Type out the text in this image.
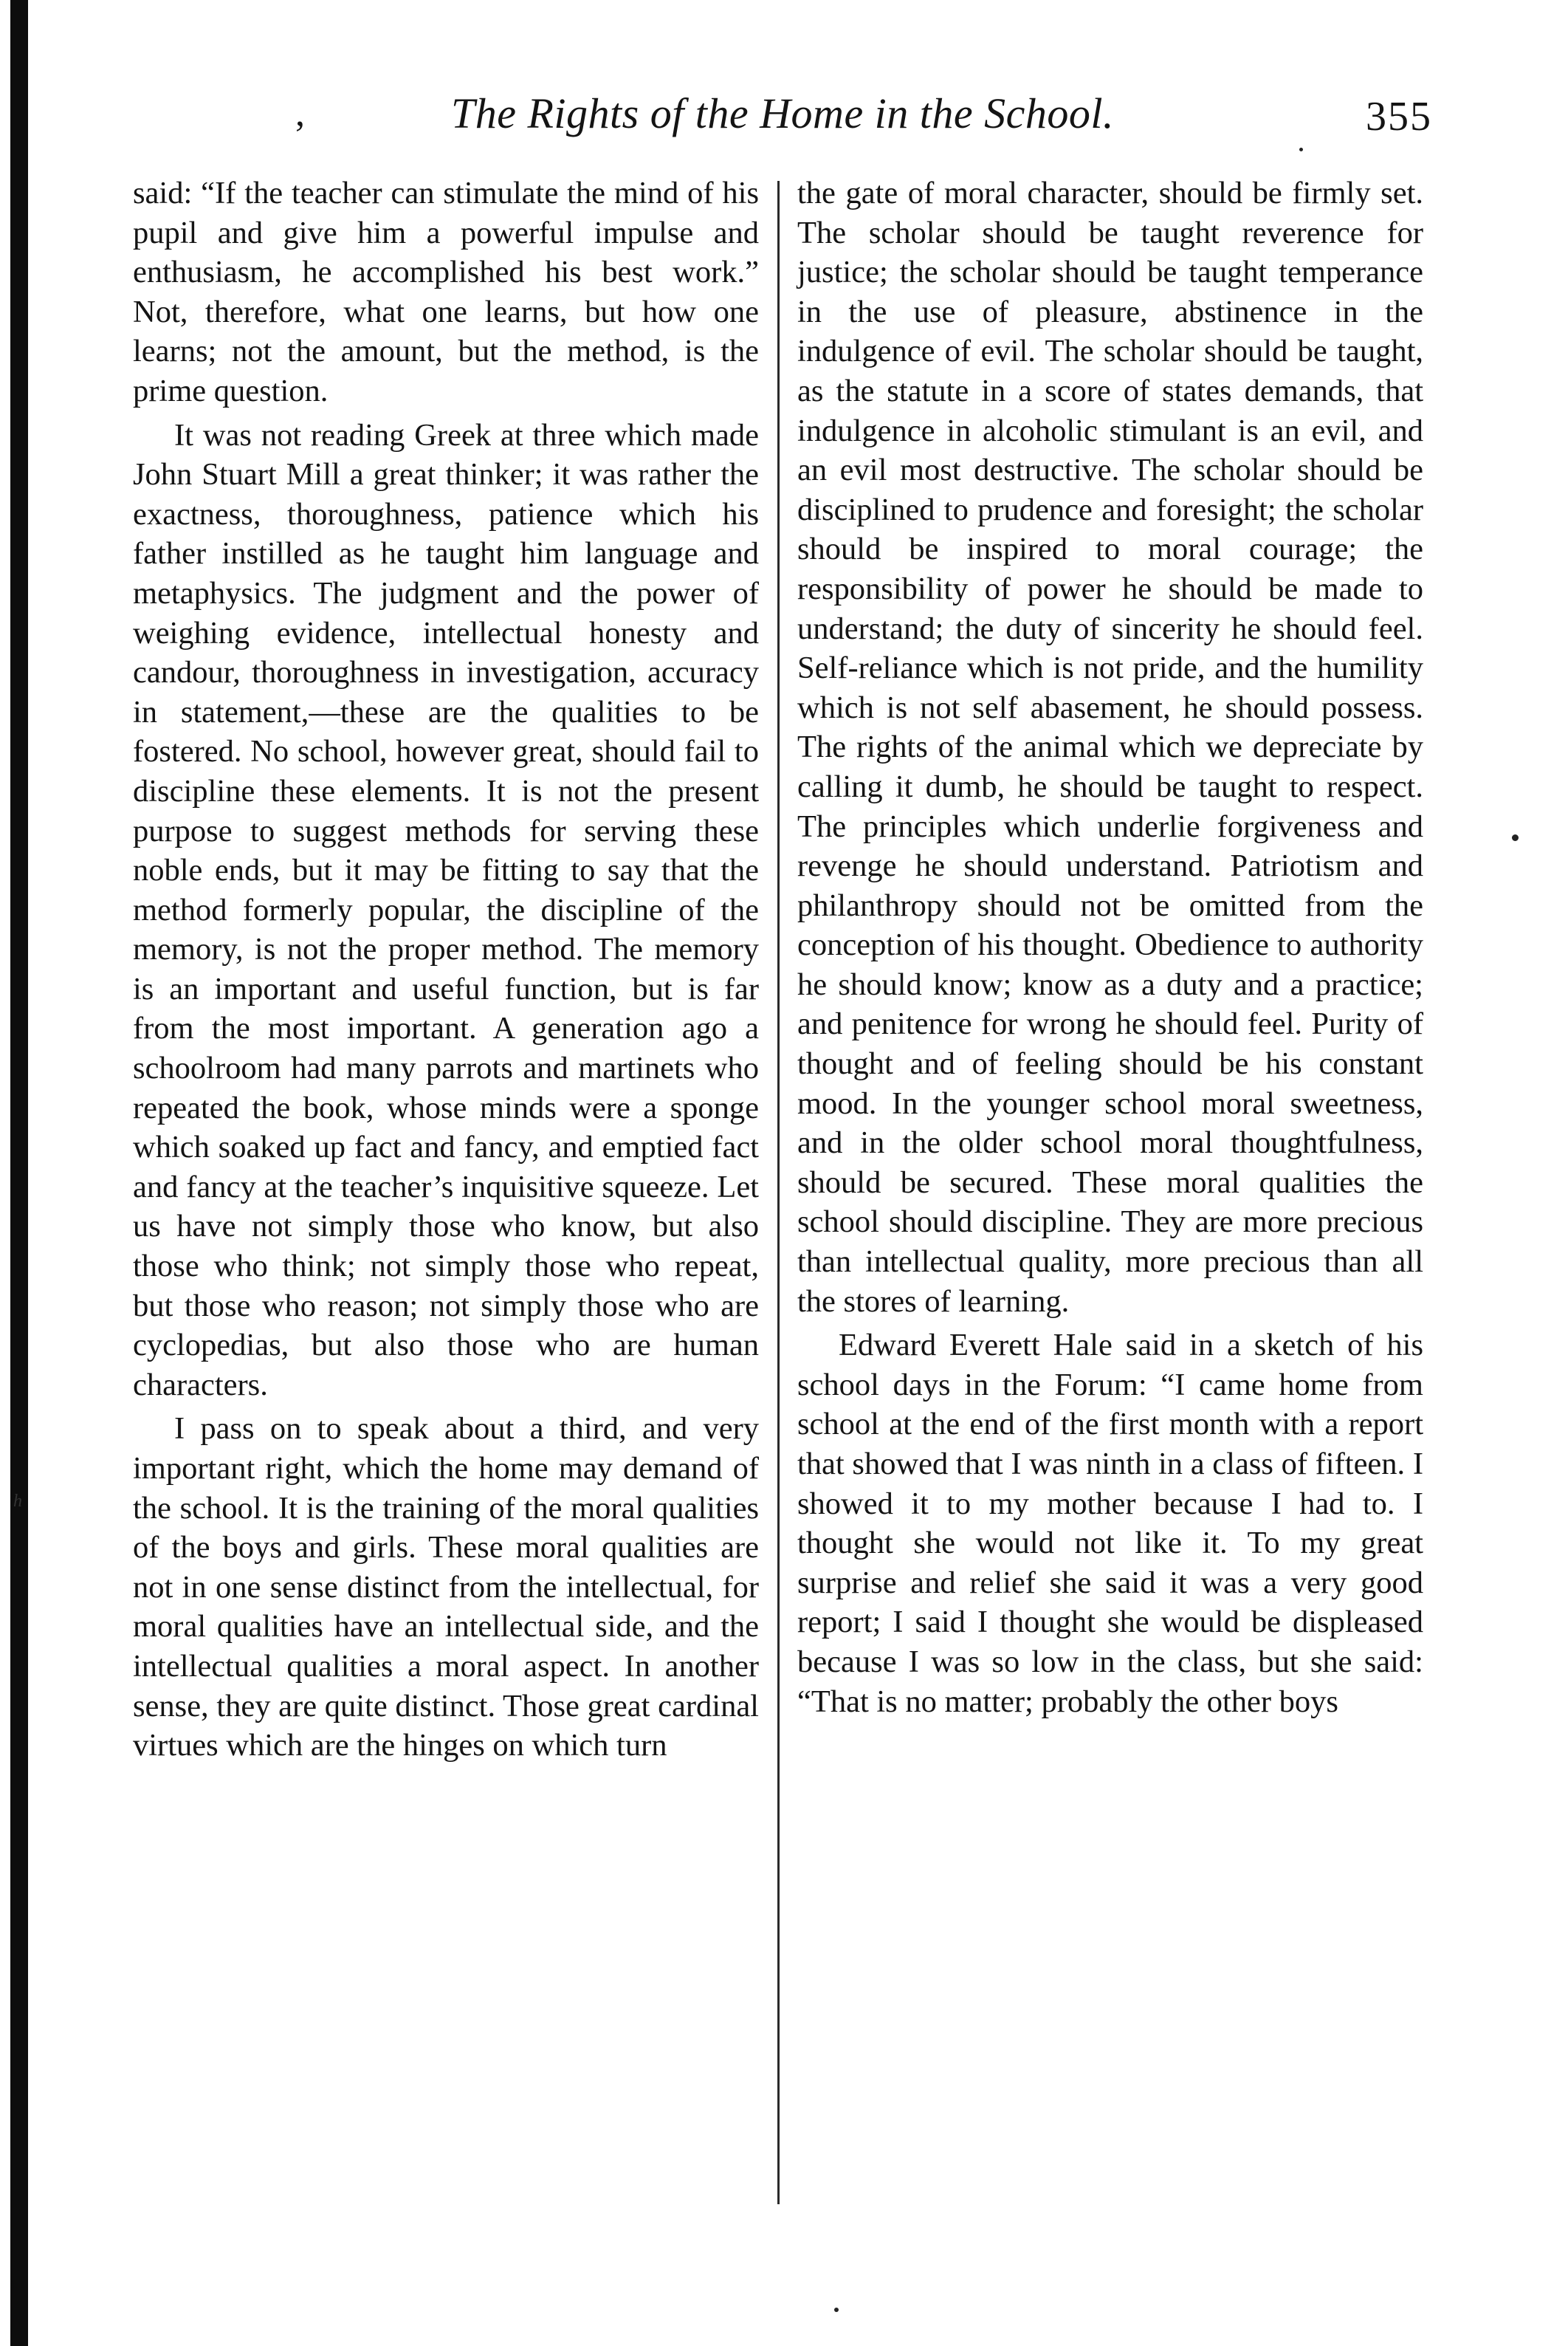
h
,	The Rights of the Home in the School.	355

said: “If the teacher can stimulate the mind of his pupil and give him a powerful impulse and enthusiasm, he accomplished his best work.” Not, therefore, what one learns, but how one learns; not the amount, but the method, is the prime question.

It was not reading Greek at three which made John Stuart Mill a great thinker; it was rather the exactness, thoroughness, patience which his father instilled as he taught him language and metaphysics. The judgment and the power of weighing evidence, intellectual honesty and candour, thoroughness in investigation, accuracy in statement,—these are the qualities to be fostered. No school, however great, should fail to discipline these elements. It is not the present purpose to suggest methods for serving these noble ends, but it may be fitting to say that the method formerly popular, the discipline of the memory, is not the proper method. The memory is an important and useful function, but is far from the most important. A generation ago a schoolroom had many parrots and martinets who repeated the book, whose minds were a sponge which soaked up fact and fancy, and emptied fact and fancy at the teacher’s inquisitive squeeze. Let us have not simply those who know, but also those who think; not simply those who repeat, but those who reason; not simply those who are cyclopedias, but also those who are human characters.

I pass on to speak about a third, and very important right, which the home may demand of the school. It is the training of the moral qualities of the boys and girls. These moral qualities are not in one sense distinct from the intellectual, for moral qualities have an intellectual side, and the intellectual qualities a moral aspect. In another sense, they are quite distinct. Those great cardinal virtues which are the hinges on which turn

the gate of moral character, should be firmly set. The scholar should be taught reverence for justice; the scholar should be taught temperance in the use of pleasure, abstinence in the indulgence of evil. The scholar should be taught, as the statute in a score of states demands, that indulgence in alcoholic stimulant is an evil, and an evil most destructive. The scholar should be disciplined to prudence and foresight; the scholar should be inspired to moral courage; the responsibility of power he should be made to understand; the duty of sincerity he should feel. Self-reliance which is not pride, and the humility which is not self abasement, he should possess. The rights of the animal which we depreciate by calling it dumb, he should be taught to respect. The principles which underlie forgiveness and revenge he should understand. Patriotism and philanthropy should not be omitted from the conception of his thought. Obedience to authority he should know; know as a duty and a practice; and penitence for wrong he should feel. Purity of thought and of feeling should be his constant mood. In the younger school moral sweetness, and in the older school moral thoughtfulness, should be secured. These moral qualities the school should discipline. They are more precious than intellectual quality, more precious than all the stores of learning.

Edward Everett Hale said in a sketch of his school days in the Forum: “I came home from school at the end of the first month with a report that showed that I was ninth in a class of fifteen. I showed it to my mother because I had to. I thought she would not like it. To my great surprise and relief she said it was a very good report; I said I thought she would be displeased because I was so low in the class, but she said: “That is no matter; probably the other boys
